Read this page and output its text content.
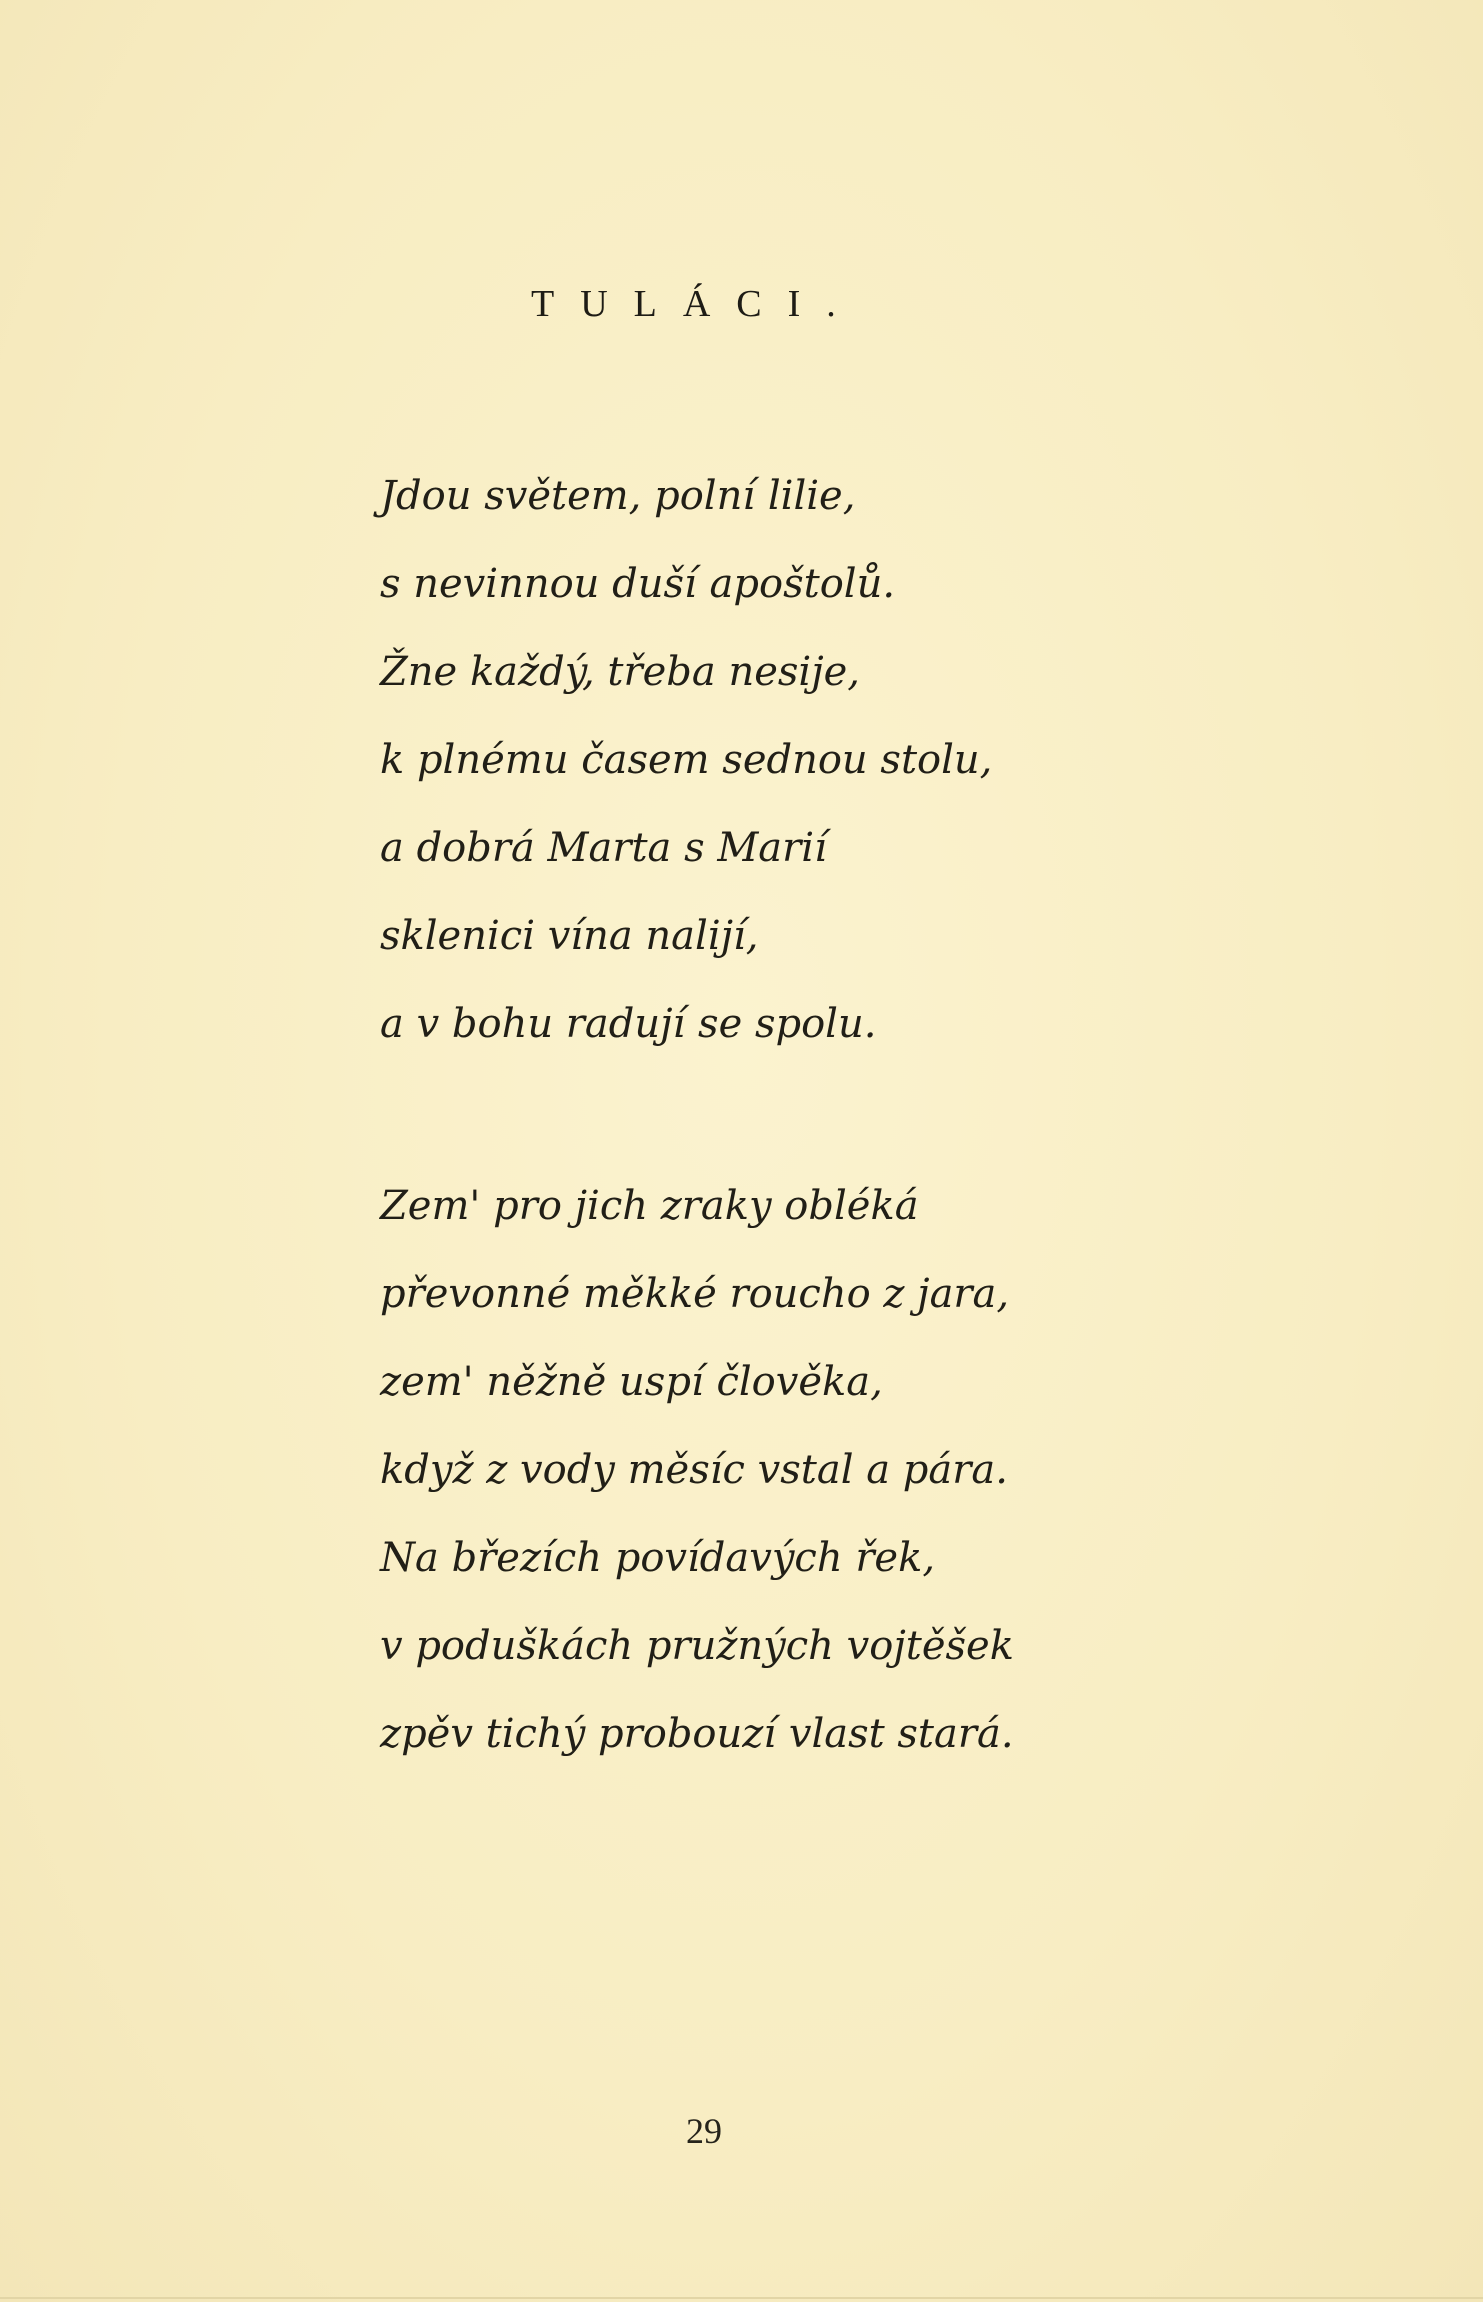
TULÁCI.
Jdou světem, polní lilie,
s nevinnou duší apoštolů.
Žne každý, třeba nesije,
k plnému časem sednou stolu,
a dobrá Marta s Marií
sklenici vína nalijí,
a v bohu radují se spolu.
Zem' pro jich zraky obléká
převonné měkké roucho z jara,
zem' něžně uspí člověka,
když z vody měsíc vstal a pára.
Na březích povídavých řek,
v poduškách pružných vojtěšek
zpěv tichý probouzí vlast stará.
29
